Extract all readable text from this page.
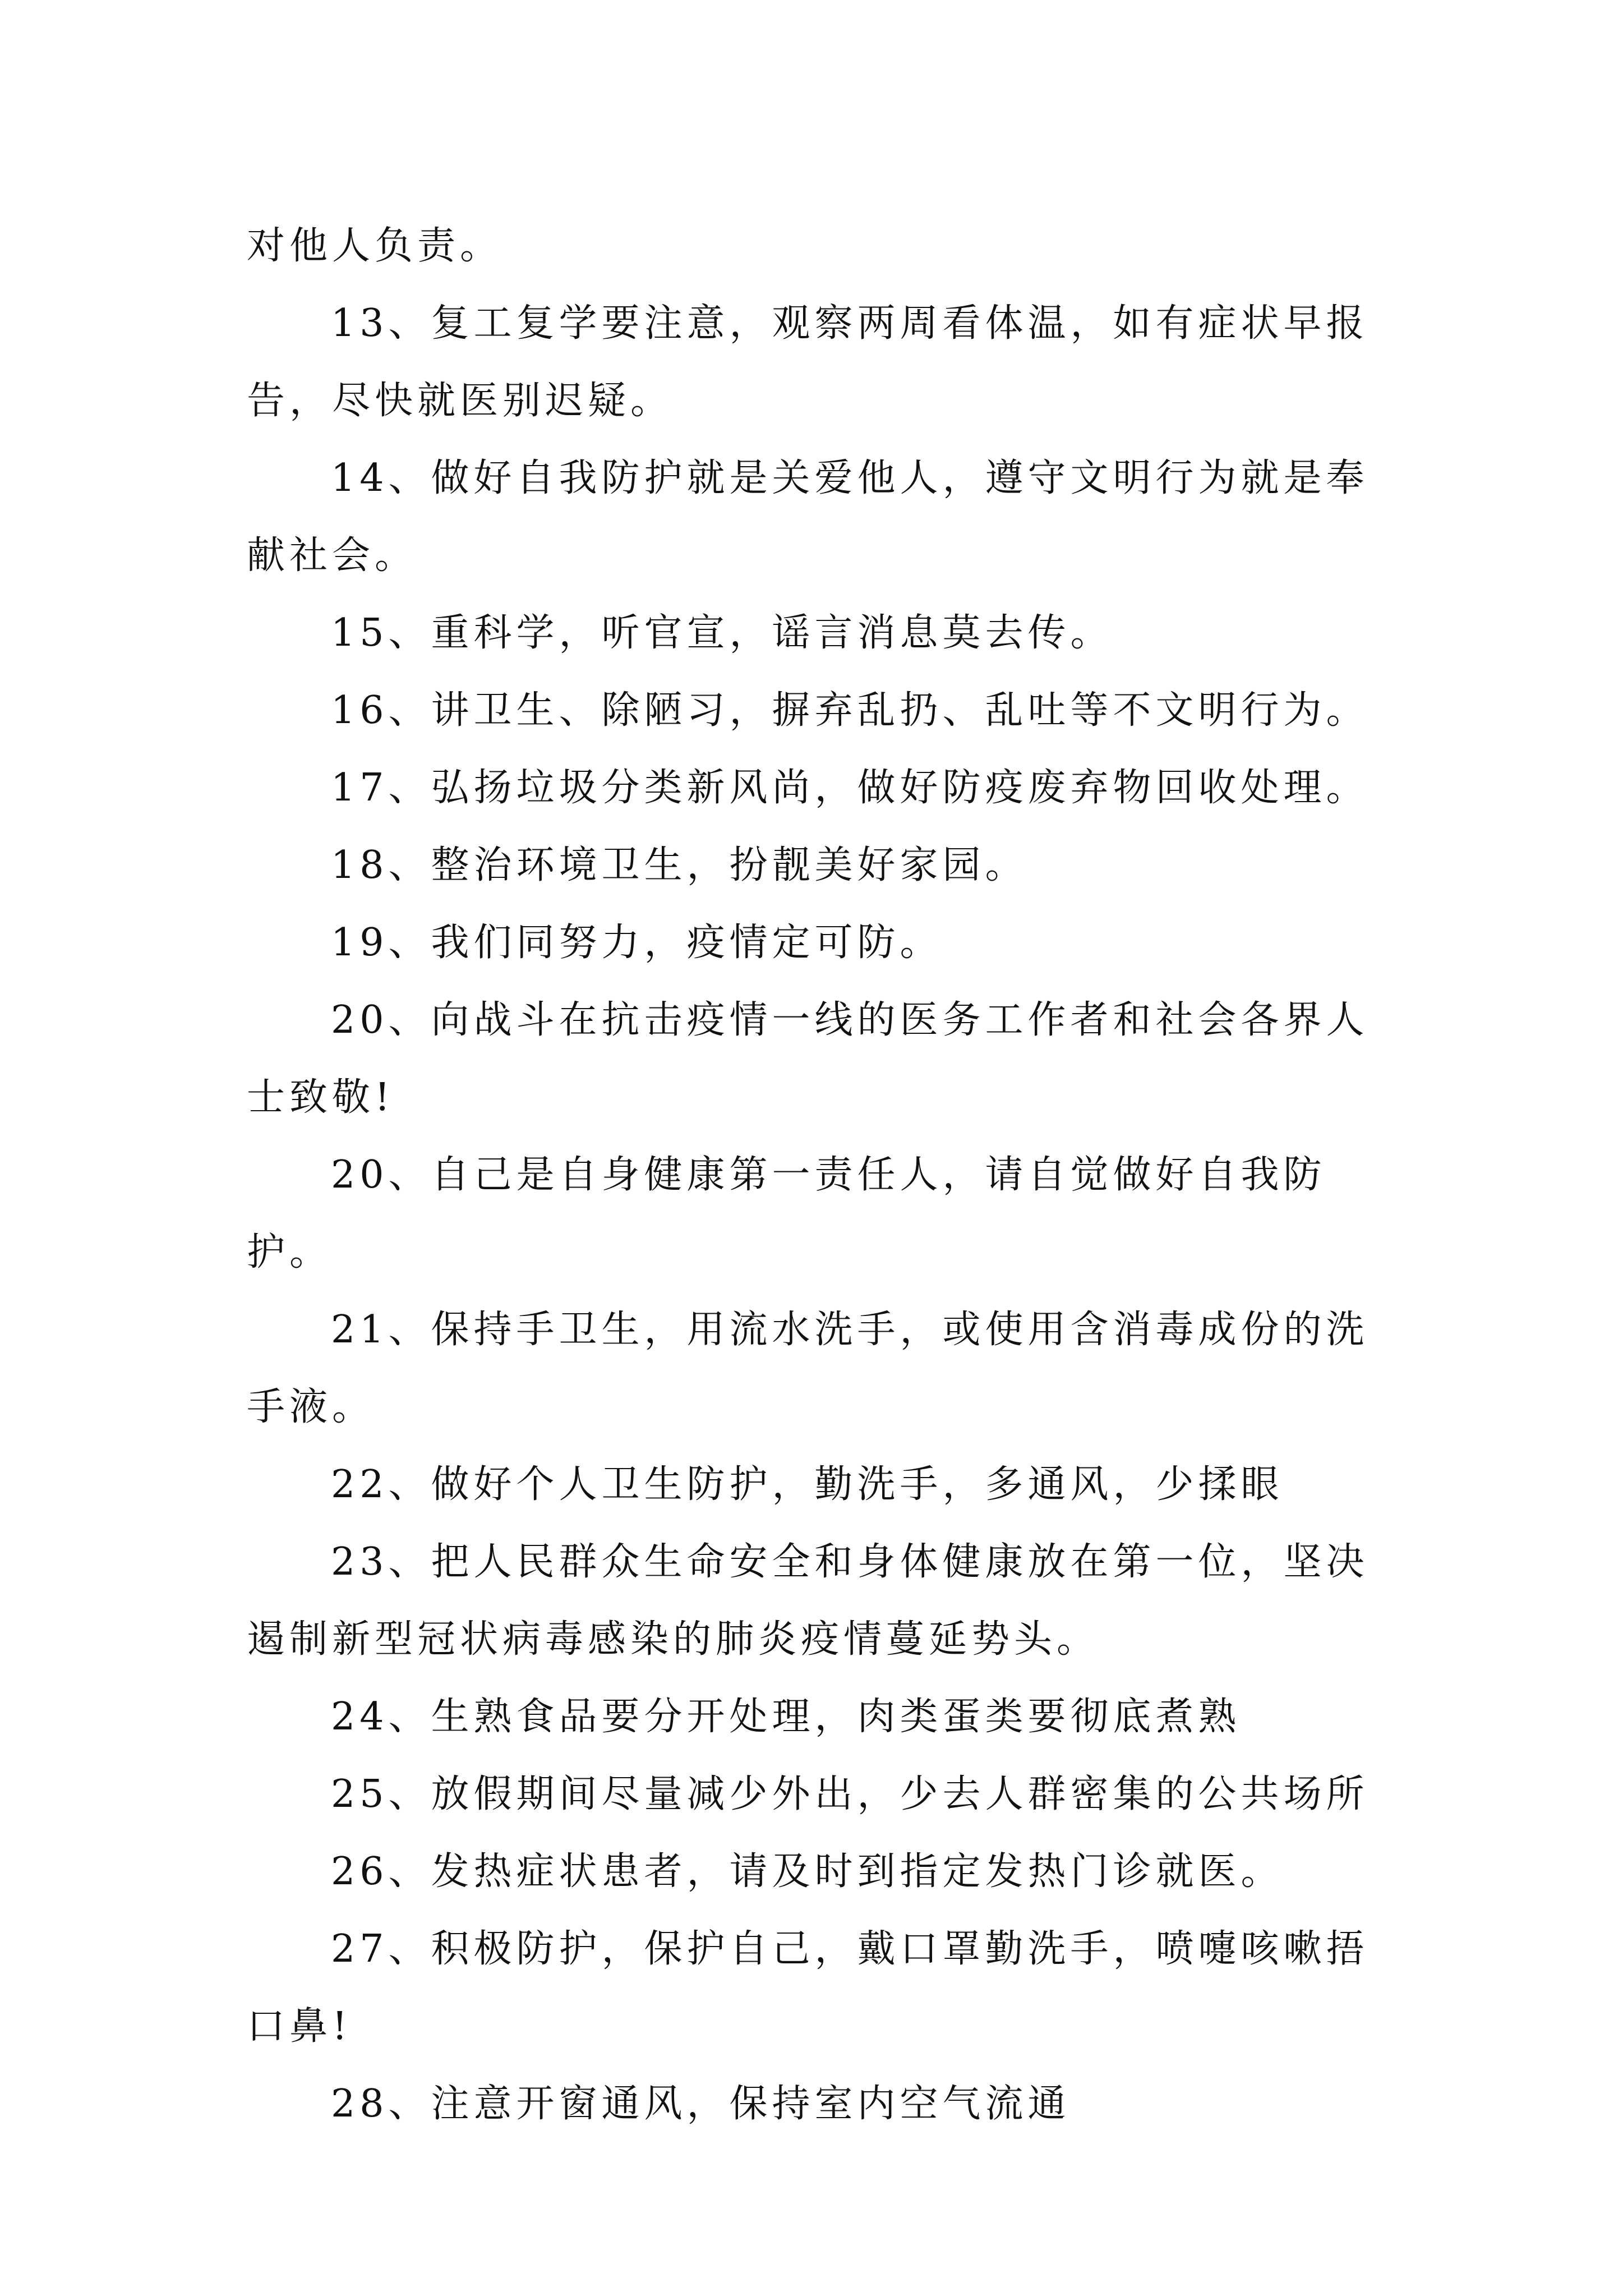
对他人负责。

13、复工复学要注意，观察两周看体温，如有症状早报告，尽快就医别迟疑。

14、做好自我防护就是关爱他人，遵守文明行为就是奉献社会。

15、重科学，听官宣，谣言消息莫去传。

16、讲卫生、除陋习，摒弃乱扔、乱吐等不文明行为。

17、弘扬垃圾分类新风尚，做好防疫废弃物回收处理。

18、整治环境卫生，扮靓美好家园。

19、我们同努力，疫情定可防。

20、向战斗在抗击疫情一线的医务工作者和社会各界人士致敬!

20、自己是自身健康第一责任人，请自觉做好自我防护。

21、保持手卫生，用流水洗手，或使用含消毒成份的洗手液。

22、做好个人卫生防护，勤洗手，多通风，少揉眼

23、把人民群众生命安全和身体健康放在第一位，坚决遏制新型冠状病毒感染的肺炎疫情蔓延势头。

24、生熟食品要分开处理，肉类蛋类要彻底煮熟

25、放假期间尽量减少外出，少去人群密集的公共场所

26、发热症状患者，请及时到指定发热门诊就医。

27、积极防护，保护自己，戴口罩勤洗手，喷嚏咳嗽捂口鼻!

28、注意开窗通风，保持室内空气流通
